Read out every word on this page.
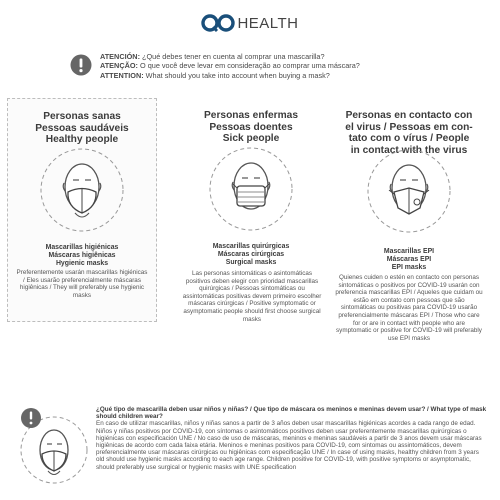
HEALTH
ATENCIÓN: ¿Qué debes tener en cuenta al comprar una mascarilla?
ATENÇÃO: O que você deve levar em consideração ao comprar uma máscara?
ATTENTION: What should you take into account when buying a mask?
Personas sanas
Pessoas saudáveis
Healthy people
Mascarillas higiénicas
Máscaras higiênicas
Hygienic masks
Preferentemente usarán mascarillas higiénicas / Eles usarão preferencialmente máscaras higiênicas / They will preferably use hygienic masks
Personas enfermas
Pessoas doentes
Sick people
Mascarillas quirúrgicas
Máscaras cirúrgicas
Surgical masks
Las personas sintomáticas o asintomáticas positivos deben elegir con prioridad mascarillas quirúrgicas / Pessoas sintomáticas ou assintomáticas positivas devem primeiro escolher máscaras cirúrgicas / Positive symptomatic or asymptomatic people should first choose surgical masks
Personas en contacto con
el virus / Pessoas em con-
tato com o vírus / People
in contact with the virus
Mascarillas EPI
Máscaras EPI
EPI masks
Quienes cuiden o estén en contacto con personas sintomáticas o positivos por COVID-19 usarán con preferencia mascarillas EPI / Aqueles que cuidam ou estão em contato com pessoas que são sintomáticas ou positivas para COVID-19 usarão preferencialmente máscaras EPI / Those who care for or are in contact with people who are symptomatic or positive for COVID-19 will preferably use EPI masks
¿Qué tipo de mascarilla deben usar niños y niñas? / Que tipo de máscara os meninos e meninas devem usar? / What type of mask should children wear?
En caso de utilizar mascarillas, niños y niñas sanos a partir de 3 años deben usar mascarillas higiénicas acordes a cada rango de edad. Niños y niñas positivos por COVID-19, con síntomas o asintomáticos positivos deben usar preferentemente mascarillas quirúrgicas o higiénicas con especificación UNE / No caso de uso de máscaras, meninos e meninas saudáveis a partir de 3 anos devem usar máscaras higiênicas de acordo com cada faixa etária. Meninos e meninas positivos para COVID-19, com sintomas ou assintomáticos, devem preferencialmente usar máscaras cirúrgicas ou higiênicas com especificação UNE / In case of using masks, healthy children from 3 years old should use hygienic masks according to each age range. Children positive for COVID-19, with positive symptoms or asymptomatic, should preferably use surgical or hygienic masks with UNE specification
